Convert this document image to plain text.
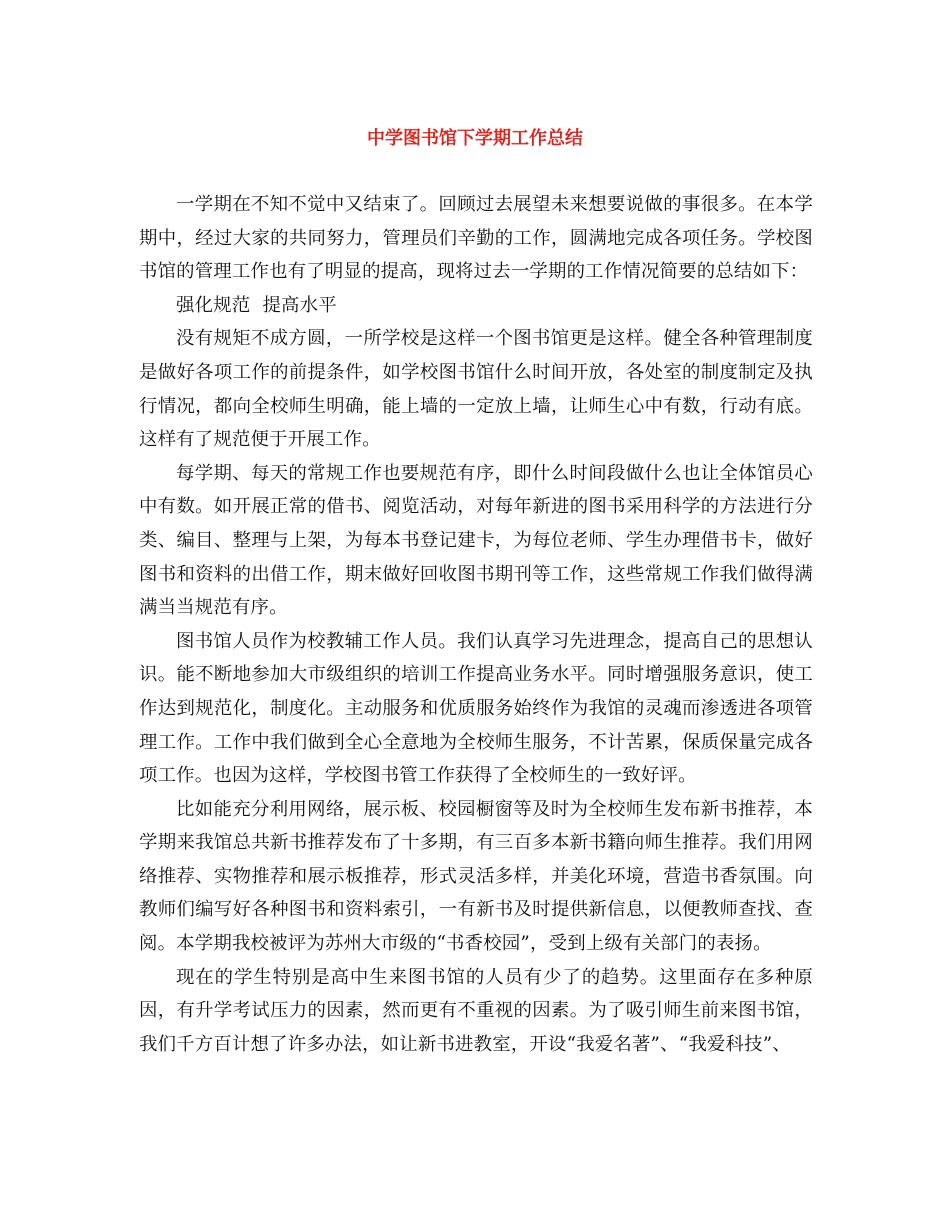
中学图书馆下学期工作总结

一学期在不知不觉中又结束了。回顾过去展望未来想要说做的事很多。在本学期中，经过大家的共同努力，管理员们辛勤的工作，圆满地完成各项任务。学校图书馆的管理工作也有了明显的提高，现将过去一学期的工作情况简要的总结如下：

强化规范  提高水平

没有规矩不成方圆，一所学校是这样一个图书馆更是这样。健全各种管理制度是做好各项工作的前提条件，如学校图书馆什么时间开放，各处室的制度制定及执行情况，都向全校师生明确，能上墙的一定放上墙，让师生心中有数，行动有底。这样有了规范便于开展工作。

每学期、每天的常规工作也要规范有序，即什么时间段做什么也让全体馆员心中有数。如开展正常的借书、阅览活动，对每年新进的图书采用科学的方法进行分类、编目、整理与上架，为每本书登记建卡，为每位老师、学生办理借书卡，做好图书和资料的出借工作，期末做好回收图书期刊等工作，这些常规工作我们做得满满当当规范有序。

图书馆人员作为校教辅工作人员。我们认真学习先进理念，提高自己的思想认识。能不断地参加大市级组织的培训工作提高业务水平。同时增强服务意识，使工作达到规范化，制度化。主动服务和优质服务始终作为我馆的灵魂而渗透进各项管理工作。工作中我们做到全心全意地为全校师生服务，不计苦累，保质保量完成各项工作。也因为这样，学校图书管工作获得了全校师生的一致好评。

比如能充分利用网络，展示板、校园橱窗等及时为全校师生发布新书推荐，本学期来我馆总共新书推荐发布了十多期，有三百多本新书籍向师生推荐。我们用网络推荐、实物推荐和展示板推荐，形式灵活多样，并美化环境，营造书香氛围。向教师们编写好各种图书和资料索引，一有新书及时提供新信息，以便教师查找、查阅。本学期我校被评为苏州大市级的“书香校园”，受到上级有关部门的表扬。

现在的学生特别是高中生来图书馆的人员有少了的趋势。这里面存在多种原因，有升学考试压力的因素，然而更有不重视的因素。为了吸引师生前来图书馆，我们千方百计想了许多办法，如让新书进教室，开设“我爱名著”、“我爱科技”、
